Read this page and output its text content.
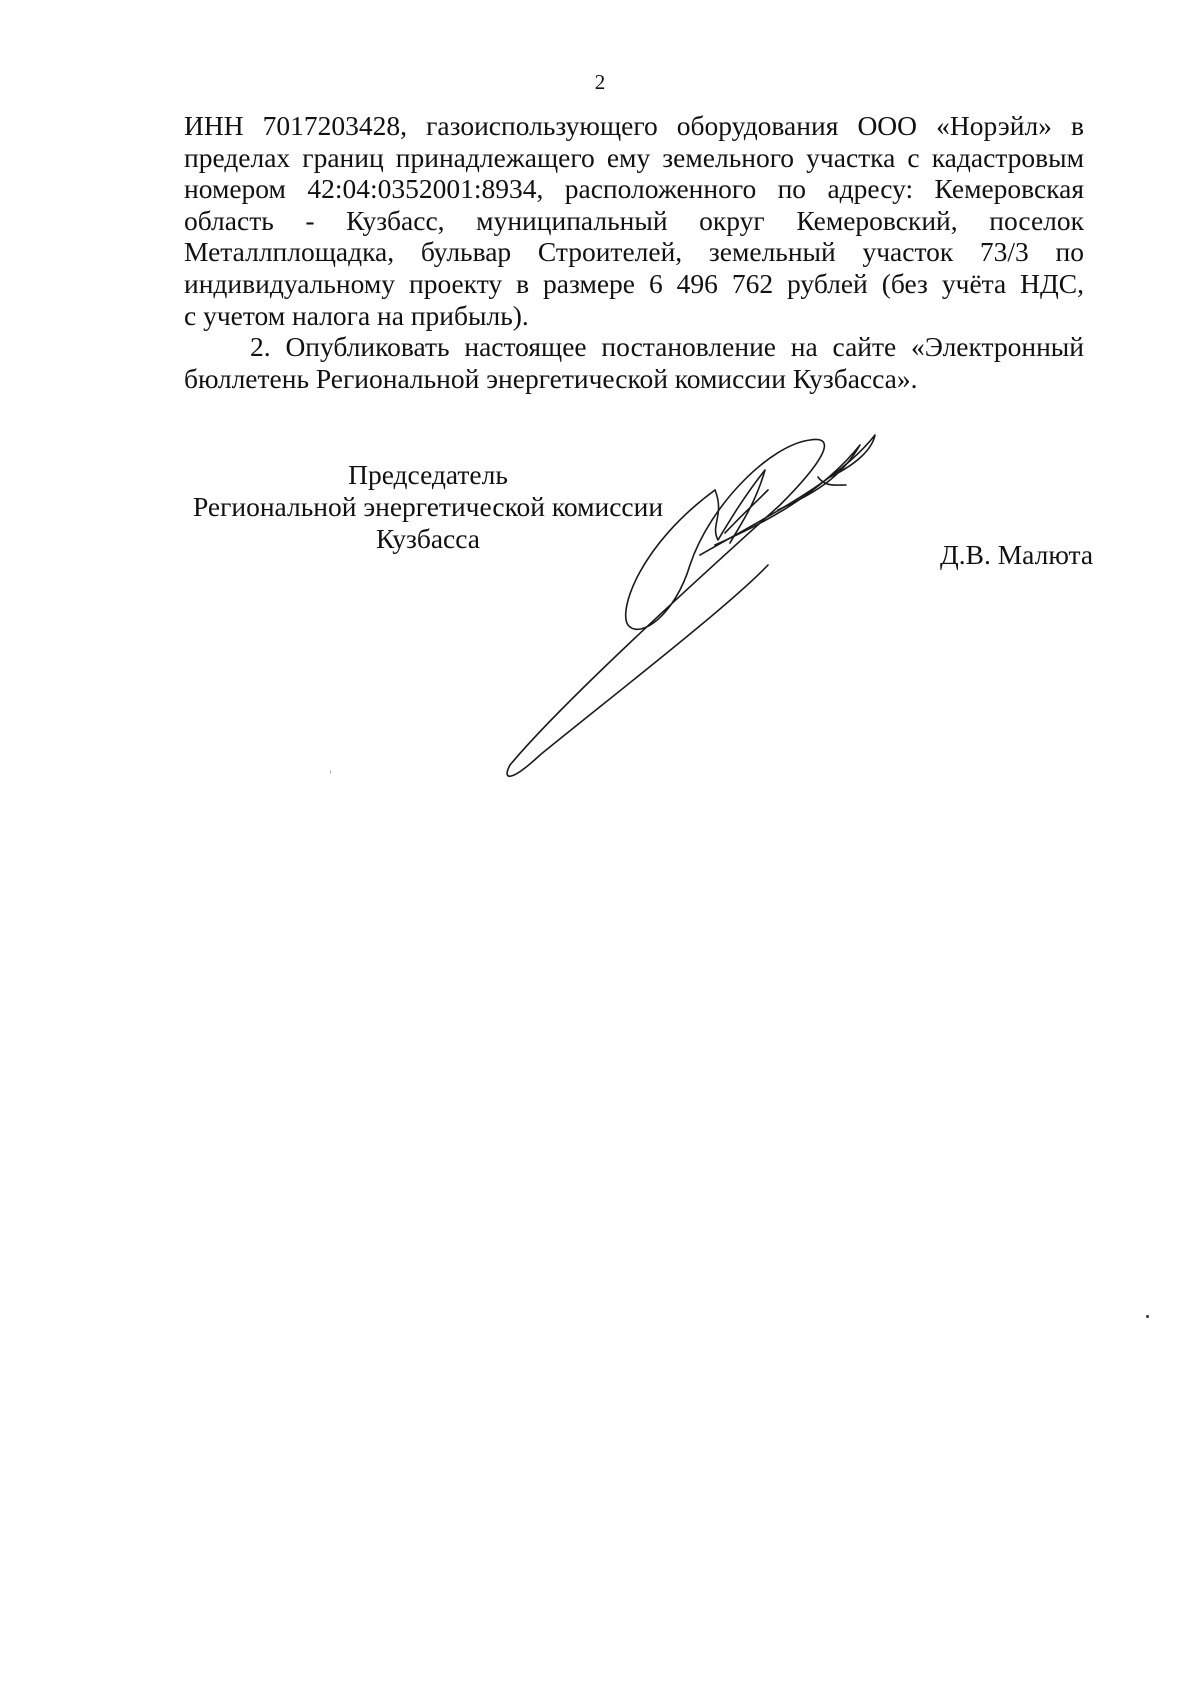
2
ИНН 7017203428, газоиспользующего оборудования ООО «Норэйл» в
пределах границ принадлежащего ему земельного участка с кадастровым
номером 42:04:0352001:8934, расположенного по адресу: Кемеровская
область - Кузбасс, муниципальный округ Кемеровский, поселок
Металлплощадка, бульвар Строителей, земельный участок 73/3 по
индивидуальному проекту в размере 6 496 762 рублей (без учёта НДС,
с учетом налога на прибыль).
2. Опубликовать настоящее постановление на сайте «Электронный
бюллетень Региональной энергетической комиссии Кузбасса».
Председатель
Региональной энергетической комиссии
Кузбасса
Д.В. Малюта
